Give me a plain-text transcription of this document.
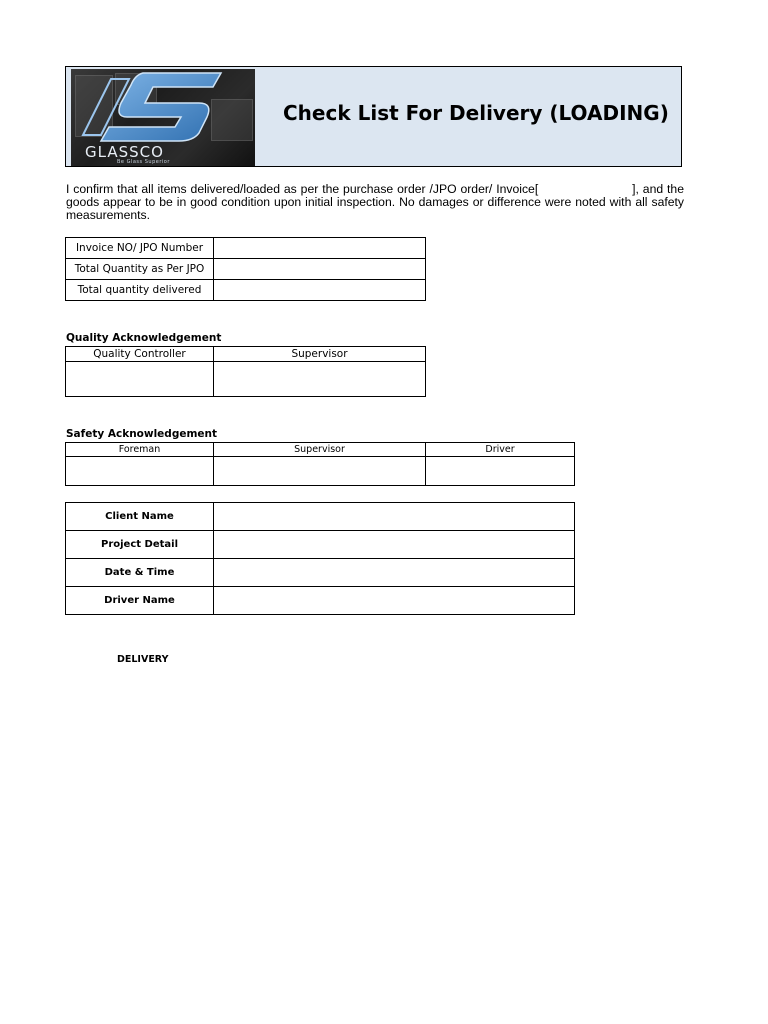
GLASSCO
Be Glass Superior
Check List For Delivery (LOADING)
I confirm that all items delivered/loaded as per the purchase order /JPO order/ Invoice[                        ], and the goods appear to be in good condition upon initial inspection. No damages or difference were noted with all safety measurements.
Invoice NO/ JPO Number	
Total Quantity as Per JPO	
Total quantity delivered	
Quality Acknowledgement
Quality Controller	Supervisor

Safety Acknowledgement
Foreman	Supervisor	Driver

Client Name	
Project Detail	
Date & Time	
Driver Name	
DELIVERY
